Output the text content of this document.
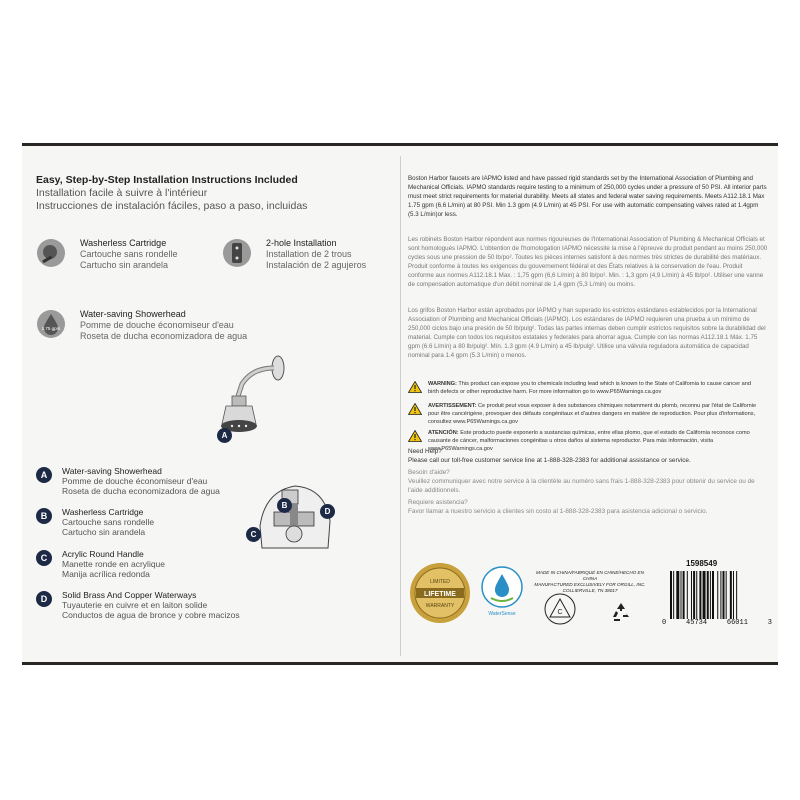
Easy, Step-by-Step Installation Instructions Included
Installation facile à suivre à l'intérieur
Instrucciones de instalación fáciles, paso a paso, incluidas
Washerless Cartridge
Cartouche sans rondelle
Cartucho sin arandela
2-hole Installation
Installation de 2 trous
Instalación de 2 agujeros
1.75 gpm
Water-saving Showerhead
Pomme de douche économiseur d'eau
Roseta de ducha economizadora de agua
A
B
D
C
A	Water-saving Showerhead
Pomme de douche économiseur d'eau
Roseta de ducha economizadora de agua
B	Washerless Cartridge
Cartouche sans rondelle
Cartucho sin arandela
C	Acrylic Round Handle
Manette ronde en acrylique
Manija acrílica redonda
D	Solid Brass And Copper Waterways
Tuyauterie en cuivre et en laiton solide
Conductos de agua de bronce y cobre macizos
Boston Harbor faucets are IAPMO listed and have passed rigid standards set by the International Association of Plumbing and Mechanical Officials. IAPMO standards require testing to a minimum of 250,000 cycles under a pressure of 50 PSI. All interior parts must meet strict requirements for material durability. Meets all states and federal water saving requirements. Meets A112.18.1 Max 1.75 gpm (6.6 L/min) at 80 PSI. Min 1.3 gpm (4.9 L/min) at 45 PSI. For use with automatic compensating valves rated at 1.4gpm (5.3 L/min)or less.
Les robinets Boston Harbor répondent aux normes rigoureuses de l'International Association of Plumbing & Mechanical Officials et sont homologués IAPMO. L'obtention de l'homologation IAPMO nécessite la mise à l'épreuve du produit pendant au moins 250,000 cycles sous une pression de 50 lb/po². Toutes les pièces internes satisfont à des normes très strictes de durabilité des matériaux. Produit conforme à toutes les exigences du gouvernement fédéral et des États relatives à la conservation de l'eau. Produit conforme aux normes A112.18.1 Max. : 1,75 gpm (6,6 L/min) à 80 lb/po². Min. : 1,3 gpm (4,9 L/min) à 45 lb/po². Utiliser une vanne de compensation automatique d'un débit nominal de 1,4 gpm (5,3 L/min) ou moins.
Los grifos Boston Harbor están aprobados por IAPMO y han superado los estrictos estándares establecidos por la International Association of Plumbing and Mechanical Officials (IAPMO). Los estándares de IAPMO requieren una prueba a un mínimo de 250,000 ciclos bajo una presión de 50 lb/pulg². Todas las partes internas deben cumplir estrictos requisitos sobre la durabilidad del material. Cumple con todos los requisitos estatales y federales para ahorrar agua. Cumple con las normas A112.18.1 Máx. 1.75 gpm (6.6 L/min) a 80 lb/pulg². Mín. 1.3 gpm (4.9 L/min) a 45 lb/pulg². Utilice una válvula reguladora automática de capacidad nominal para 1.4 gpm (5.3 L/min) o menos.
WARNING: This product can expose you to chemicals including lead which is known to the State of California to cause cancer and birth defects or other reproductive harm. For more information go to www.P65Warnings.ca.gov
AVERTISSEMENT: Ce produit peut vous exposer à des substances chimiques notamment du plomb, reconnu par l'état de Californie pour être cancérigène, provoquer des défauts congénitaux et d'autres dangers en matière de reproduction. Pour plus d'informations, consultez www.P65Warnings.ca.gov
ATENCIÓN: Este producto puede exponerlo a sustancias químicas, entre ellas plomo, que el estado de California reconoce como causante de cáncer, malformaciones congénitas u otros daños al sistema reproductor. Para más información, visita www.P65Warnings.ca.gov
Need Help?
Please call our toll-free customer service line at 1-888-328-2383 for additional assistance or service.
Besoin d'aide?
Veuillez communiquer avec notre service à la clientèle au numéro sans frais 1-888-328-2383 pour obtenir du service ou de l'aide additionnels.
Requiere asistencia?
Favor llamar a nuestro servicio a clientes sin costo al 1-888-328-2383 para asistencia adicional o servicio.
LIMITED
LIFETIME
WARRANTY
WaterSense
MADE IN CHINA/FABRIQUÉ EN CHINE/HECHO EN CHINA
MANUFACTURED EXCLUSIVELY FOR ORGILL, INC.
COLLIERVILLE, TN 38017
C
1598549
0	45734	66011	3
